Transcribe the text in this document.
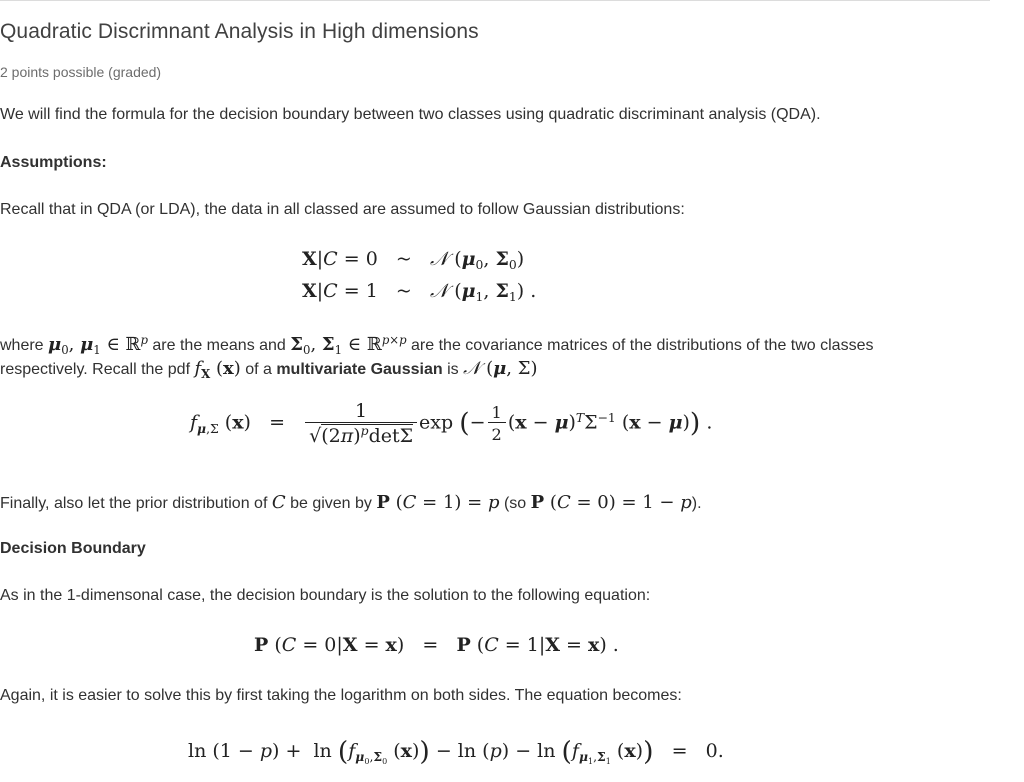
Quadratic Discrimnant Analysis in High dimensions
2 points possible (graded)
We will find the formula for the decision boundary between two classes using quadratic discriminant analysis (QDA).
Assumptions:
Recall that in QDA (or LDA), the data in all classed are assumed to follow Gaussian distributions:
X|C = 0   ~   𝒩 ($\mu_0$, $\Sigma_0$)
X|C = 1   ~   𝒩 ($\mu_1$, $\Sigma_1$) .
where $\mu_0$, $\mu_1$ ∈ ℝ$^p$ are the means and $\Sigma_0$, $\Sigma_1$ ∈ ℝ$^{p\times p}$ are the covariance matrices of the distributions of the two classes
respectively. Recall the pdf $f_X$ (x) of a multivariate Gaussian is 𝒩 (μ, Σ)
$f_{\mu,\Sigma}$ $(x) = \frac{1}{√(2\pi)^p\det\Sigma}$ exp (− $\frac{1}{2} (x - \mu)^T\Sigma^{-1}$ (x − μ)) .
Finally, also let the prior distribution of C be given by P (C = 1) = p (so P (C = 0) = 1 − p).
Decision Boundary
As in the 1-dimensonal case, the decision boundary is the solution to the following equation:
P (C = 0|X = x)   =   P (C = 1|X = x) .
Again, it is easier to solve this by first taking the logarithm on both sides. The equation becomes:
$\ln (1 - p) + \ln (f_{\mu_0,\Sigma_0}$ $(x)) - \ln (p) - \ln (f_{\mu_1,\Sigma_1}$ (x))   =   0.
